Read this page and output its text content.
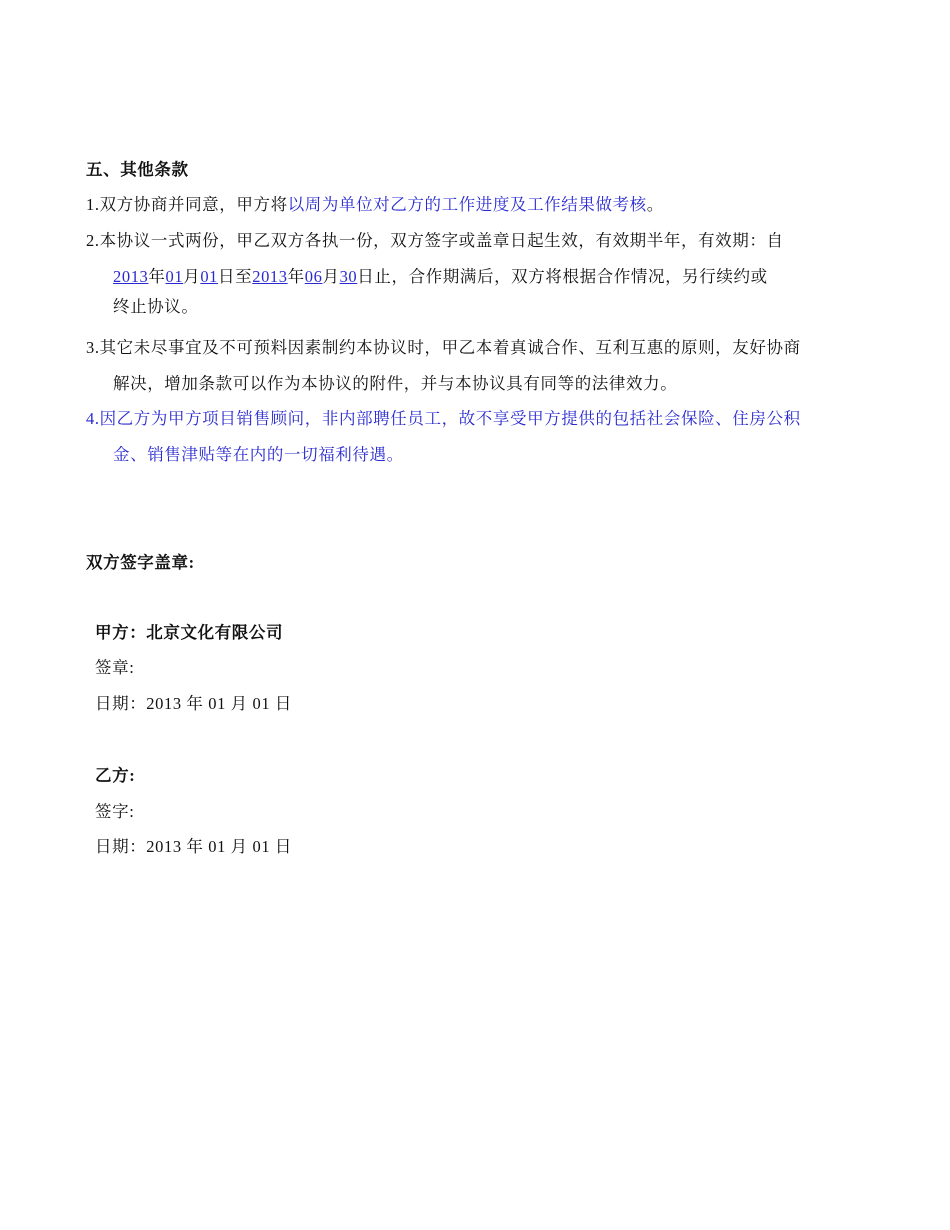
五、其他条款
1.双方协商并同意，甲方将以周为单位对乙方的工作进度及工作结果做考核。
2.本协议一式两份，甲乙双方各执一份，双方签字或盖章日起生效，有效期半年，有效期：自
2013年01月01日至2013年06月30日止，合作期满后，双方将根据合作情况，另行续约或
终止协议。
3.其它未尽事宜及不可预料因素制约本协议时，甲乙本着真诚合作、互利互惠的原则，友好协商
解决，增加条款可以作为本协议的附件，并与本协议具有同等的法律效力。
4.因乙方为甲方项目销售顾问，非内部聘任员工，故不享受甲方提供的包括社会保险、住房公积
金、销售津贴等在内的一切福利待遇。
双方签字盖章:
甲方：北京文化有限公司
签章:
日期：2013 年 01 月 01 日
乙方:
签字:
日期：2013 年 01 月 01 日
